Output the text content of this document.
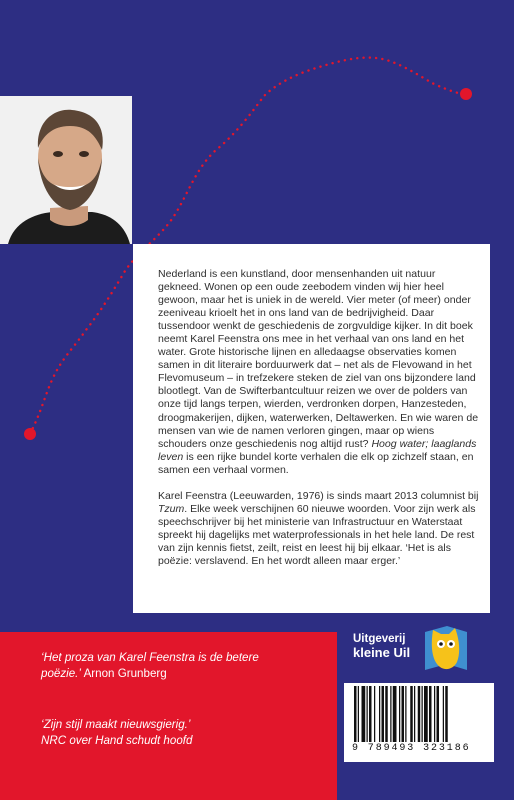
Nederland is een kunstland, door mensenhanden uit natuur gekneed. Wonen op een oude zeebodem vinden wij hier heel gewoon, maar het is uniek in de wereld. Vier meter (of meer) onder zeeniveau krioelt het in ons land van de bedrijvigheid. Daar tussendoor wenkt de geschiedenis de zorgvuldige kijker. In dit boek neemt Karel Feenstra ons mee in het verhaal van ons land en het water. Grote historische lijnen en alledaagse observaties komen samen in dit literaire borduurwerk dat – net als de Flevowand in het Flevomuseum – in trefzekere steken de ziel van ons bijzondere land blootlegt. Van de Swifterbantcultuur reizen we over de polders van onze tijd langs terpen, wierden, verdronken dorpen, Hanzesteden, droogmakerijen, dijken, waterwerken, Deltawerken. En wie waren de mensen van wie de namen verloren gingen, maar op wiens schouders onze geschiedenis nog altijd rust? Hoog water; laaglands leven is een rijke bundel korte verhalen die elk op zichzelf staan, en samen een verhaal vormen.

Karel Feenstra (Leeuwarden, 1976) is sinds maart 2013 columnist bij Tzum. Elke week verschijnen 60 nieuwe woorden. Voor zijn werk als speechschrijver bij het ministerie van Infrastructuur en Waterstaat spreekt hij dagelijks met waterprofessionals in het hele land. De rest van zijn kennis fietst, zeilt, reist en leest hij bij elkaar. ‘Het is als poëzie: verslavend. En het wordt alleen maar erger.’
‘Het proza van Karel Feenstra is de betere poëzie.’ Arnon Grunberg
‘Zijn stijl maakt nieuwsgierig.’
NRC over Hand schudt hoofd
Uitgeverij
kleine Uil
9 789493 323186
